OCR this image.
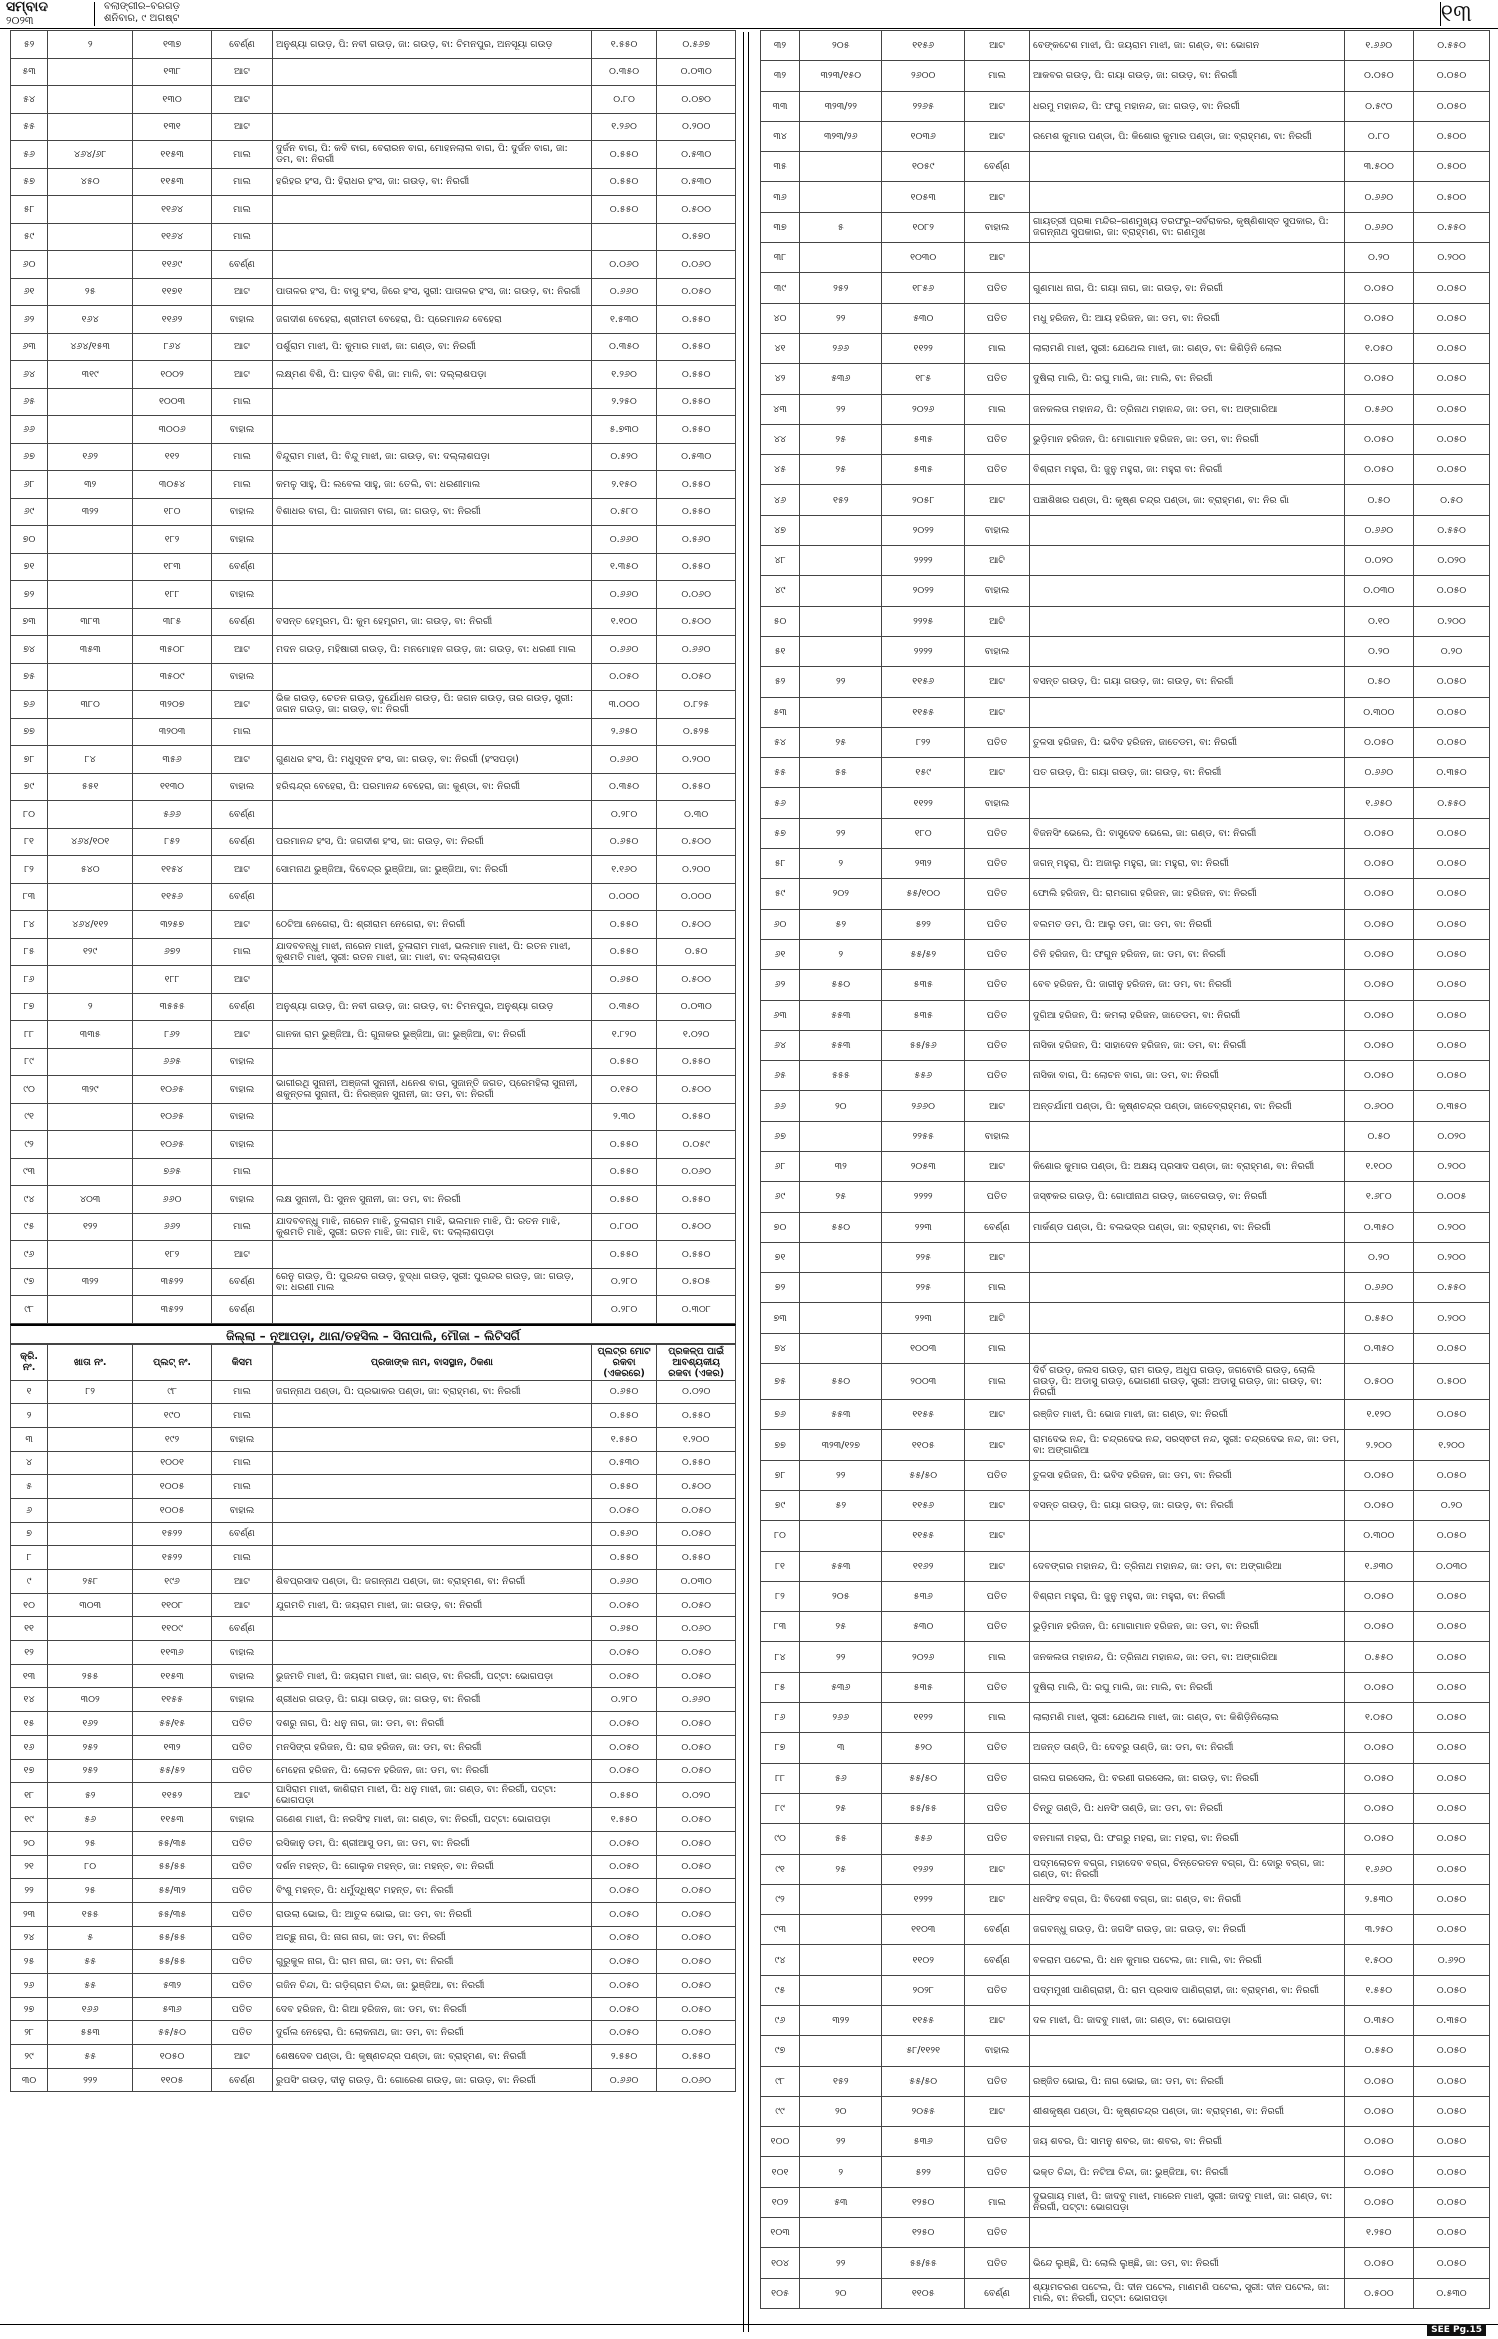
ସମ୍ବାଦ
୨୦୨୩
ବଲାଙ୍ଗୀର–ବରଗଡ଼
ଶନିବାର, ୯ ଅଗଷ୍ଟ	୧୩
୫୨	୨	୧୩୭	ବେର୍ଣ୍ଣ	ଅନୁଶ୍ୟା ଗଉଡ଼, ପି: ନବୀ ଗଉଡ଼, ଜା: ଗଉଡ଼, ବା: ଚିମନପୁର, ଅନସୂୟା ଗଉଡ଼	୧.୫୫୦	୦.୫୬୭
୫୩		୧୩୮	ଆଟ		୦.୩୫୦	୦.୦୩୦
୫୪		୧୩୦	ଆଟ		୦.୮୦	୦.୦୭୦
୫୫		୧୩୧	ଆଟ		୧.୨୬୦	୦.୨୦୦
୫୬	୪୬୪/୬୮	୧୧୫୩	ମାଲ	ଦୁର୍ଜନ ବାଗ, ପି: କବି ବାଗ, ବେରାରନ ବାଗ, ମୋହନଲାଲ ବାଗ, ପି: ଦୁର୍ଜନ ବାଗ, ଜା: ଡମ, ବା: ନିରର୍ଗୀ	୦.୫୫୦	୦.୫୩୦
୫୭	୪୫୦	୧୧୫୩	ମାଲ	ହରିହର ହଂସ, ପି: ହିରାଧର ହଂସ, ଜା: ଗଉଡ଼, ବା: ନିରର୍ଗୀ	୦.୫୫୦	୦.୫୩୦
୫୮		୧୧୬୪	ମାଲ		୦.୫୫୦	୦.୫୦୦
୫୯		୧୧୬୪	ମାଲ			୦.୫୭୦
୬୦		୧୧୬୯	ବେର୍ଣ୍ଣ		୦.୦୬୦	୦.୦୬୦
୬୧	୨୫	୧୧୭୧	ଆଟ	ପାତାଳର ହଂସ, ପି: ବାସୁ ହଂସ, ଜିରେ ହଂସ, ସ୍ତ୍ରୀ: ପାତାଳର ହଂସ, ଜା: ଗଉଡ଼, ବା: ନିରର୍ଗୀ	୦.୬୬୦	୦.୦୫୦
୬୨	୧୬୪	୧୧୬୨	ବାହାଲ	ଜଗଦୀଶ ବେହେରା, ଶ୍ରୀମତୀ ବେହେରା, ପି: ପ୍ରେମାନନ୍ଦ ବେହେରା	୧.୫୩୦	୦.୫୫୦
୬୩	୪୬୪/୧୫୩	୮୬୪	ଆଟ	ପର୍ଶୁରାମ ମାଝୀ, ପି: କୁମାର ମାଝୀ, ଜା: ଗଣ୍ଡ, ବା: ନିରର୍ଗୀ	୦.୩୫୦	୦.୫୫୦
୬୪	୩୧୯	୧୦୦୨	ଆଟ	ଲକ୍ଷ୍ମଣ ବିଶି, ପି: ଘାଡ଼ବ ବିଶି, ଜା: ମାଳି, ବା: ଦଲ୍ଲାଶପଡ଼ା	୧.୨୬୦	୦.୫୫୦
୬୫		୧୦୦୩	ମାଲ		୨.୨୫୦	୦.୫୫୦
୬୬		୩୦୦୬	ବାହାଲ		୫.୭୩୦	୦.୫୫୦
୬୭	୧୬୨	୧୧୨	ମାଲ	ବିନ୍ଦୁରାମ ମାଝୀ, ପି: ବିନ୍ଦୁ ମାଝୀ, ଜା: ଗଉଡ଼, ବା: ଦଲ୍ଲାଶପଡ଼ା	୦.୫୨୦	୦.୫୩୦
୬୮	୩୨	୩୦୫୪	ମାଲ	କମଳୁ ସାହୁ, ପି: ଲବେଲ ସାହୁ, ଜା: ତେଲି, ବା: ଧରଣୀମାଲ	୨.୧୫୦	୦.୫୫୦
୬୯	୩୨୨	୧୮୦	ବାହାଲ	ବିଶାଧର ବାଗ, ପି: ଗାଜନାମ ବାଗ, ଜା: ଗଉଡ଼, ବା: ନିରର୍ଗୀ	୦.୫୮୦	୦.୫୫୦
୭୦		୧୮୨	ବାହାଲ		୦.୬୬୦	୦.୫୬୦
୭୧		୧୮୩	ବେର୍ଣ୍ଣ		୧.୩୫୦	୦.୫୫୦
୭୨		୧୮୮	ବାହାଲ		୦.୬୬୦	୦.୦୬୦
୭୩	୩୮୩	୩୮୫	ବେର୍ଣ୍ଣ	ବସନ୍ତ ହେମ୍ବ୍ରମ, ପି: କୁମ ହେମ୍ବ୍ରମ, ଜା: ଗଉଡ଼, ବା: ନିରର୍ଗୀ	୧.୧୦୦	୦.୫୦୦
୭୪	୩୫୩	୩୫୦୮	ଆଟ	ମଦନ ଗଉଡ଼, ମହିଷାରୀ ଗଉଡ଼, ପି: ମନମୋହନ ଗଉଡ଼, ଜା: ଗଉଡ଼, ବା: ଧରଣୀ ମାଲ	୦.୬୬୦	୦.୬୬୦
୭୫		୩୫୦୯	ବାହାଲ		୦.୦୫୦	୦.୦୫୦
୭୬	୩୮୦	୩୨୦୭	ଆଟ	ଭିକ ଗଉଡ଼, ଚେତନ ଗଉଡ଼, ଦୁର୍ଯୋଧନ ଗଉଡ଼, ପି: ଜଗନ ଗଉଡ଼, ତାର ଗଉଡ଼, ସ୍ତ୍ରୀ: ଜଗନ ଗଉଡ଼, ଜା: ଗଉଡ଼, ବା: ନିରର୍ଗୀ	୩.୦୦୦	୦.୮୨୫
୭୭		୩୨୦୩	ମାଲ		୨.୬୫୦	୦.୫୨୫
୭୮	୮୪	୩୫୬	ଆଟ	ଗୁଣଧର ହଂସ, ପି: ମଧୁସୂଦନ ହଂସ, ଜା: ଗଉଡ଼, ବା: ନିରର୍ଗୀ (ହଂସପଡ଼ା)	୦.୬୬୦	୦.୨୦୦
୭୯	୫୫୧	୧୧୩୦	ବାହାଲ	ହରିଶ୍ଚନ୍ଦ୍ର ବେହେରା, ପି: ପରମାନନ୍ଦ ବେହେରା, ଜା: କୁଣ୍ଡା, ବା: ନିରର୍ଗୀ	୦.୩୫୦	୦.୫୫୦
୮୦		୫୬୬	ବେର୍ଣ୍ଣ		୦.୨୮୦	୦.୩୦
୮୧	୪୬୪/୧୦୧	୮୫୨	ବେର୍ଣ୍ଣ	ପରମାନନ୍ଦ ହଂସ, ପି: ଜଗଦୀଶ ହଂସ, ଜା: ଗଉଡ଼, ବା: ନିରର୍ଗୀ	୦.୬୫୦	୦.୫୦୦
୮୨	୫୪୦	୧୧୫୪	ଆଟ	ସୋମନାଥ ଭୁଞ୍ଜିଆ, ଦିବେନ୍ଦ୍ର ଭୁଞ୍ଜିଆ, ଜା: ଭୁଞ୍ଜିଆ, ବା: ନିରର୍ଗୀ	୧.୧୬୦	୦.୨୦୦
୮୩		୧୧୫୬	ବେର୍ଣ୍ଣ		୦.୦୦୦	୦.୦୦୦
୮୪	୪୬୪/୧୧୨	୩୨୫୭	ଆଟ	ଠେଟିଆ ନେଗେରା, ପି: ଶ୍ରୀରାମ ନେଗେରା, ବା: ନିରର୍ଗୀ	୦.୫୫୦	୦.୫୦୦
୮୫	୧୨୯	୬୭୨	ମାଲ	ଯାଦବବନ୍ଧୁ ମାଝୀ, ନାରେନ ମାଝୀ, ତୁଳାରାମ ମାଝୀ, ଭଲମାନ ମାଝୀ, ପି: ରତନ ମାଝୀ, କୁଶମତି ମାଝୀ, ସ୍ତ୍ରୀ: ରତନ ମାଝୀ, ଜା: ମାଝୀ, ବା: ଦଲ୍ଲାଶପଡ଼ା	୦.୫୫୦	୦.୫୦
୮୬		୧୮୮	ଆଟ		୦.୬୫୦	୦.୫୦୦
୮୭	୨	୩୫୫୫	ବେର୍ଣ୍ଣ	ଅନୁଶ୍ୟା ଗଉଡ଼, ପି: ନବୀ ଗଉଡ଼, ଜା: ଗଉଡ଼, ବା: ଚିମନପୁର, ଅନୁଶ୍ୟା ଗଉଡ଼	୦.୩୫୦	୦.୦୩୦
୮୮	୩୩୫	୮୬୨	ଆଟ	ଗାନକା ରାମ ଭୁଞ୍ଜିଆ, ପି: ଗୁନାକର ଭୁଞ୍ଜିଆ, ଜା: ଭୁଞ୍ଜିଆ, ବା: ନିରର୍ଗୀ	୧.୮୨୦	୧.୦୨୦
୮୯		୬୬୫	ବାହାଲ		୦.୫୫୦	୦.୫୫୦
୯୦	୩୨୯	୧୦୬୫	ବାହାଲ	ଭାଗୀରଥି ସୁନାନୀ, ଅଞ୍ଜଳୀ ସୁନାନୀ, ଧନେଶ ବାଗ, ସୁଜାନ୍ତି ଜଗତ, ପ୍ରେମହିଲା ସୁନାନୀ, ଶକୁନ୍ତଳା ସୁନାନୀ, ପି: ନିରଞ୍ଜନ ସୁନାନୀ, ଜା: ଡମ, ବା: ନିରର୍ଗୀ	୦.୧୫୦	୦.୫୦୦
୯୧		୧୦୬୫	ବାହାଲ		୨.୩୦	୦.୫୫୦
୯୨		୧୦୬୫	ବାହାଲ		୦.୫୫୦	୦.୦୫୯
୯୩		୭୬୫	ମାଲ		୦.୫୫୦	୦.୦୬୦
୯୪	୪୦୩	୬୬୦	ବାହାଲ	ଲକ୍ଷ ସୁନାନୀ, ପି: ସୁନନ ସୁନାନୀ, ଜା: ଡମ, ବା: ନିରର୍ଗୀ	୦.୫୫୦	୦.୫୫୦
୯୫	୧୨୨	୬୬୨	ମାଲ	ଯାଦବବନ୍ଧୁ ମାଝି, ନାରେନ ମାଝି, ତୁଳାରାମ ମାଝି, ଭଲମାନ ମାଝି, ପି: ରତନ ମାଝି, କୁଶମତି ମାଝି, ସ୍ତ୍ରୀ: ରତନ ମାଝି, ଜା: ମାଝି, ବା: ଦଲ୍ଲାଶପଡ଼ା	୦.୮୦୦	୦.୫୦୦
୯୬		୧୮୨	ଆଟ		୦.୫୫୦	୦.୫୫୦
୯୭	୩୨୨	୩୫୨୨	ବେର୍ଣ୍ଣ	ରେନୁ ଗଉଡ଼, ପି: ପୁରନ୍ଦର ଗଉଡ଼, ବୁଦ୍ଧା ଗଉଡ଼, ସ୍ତ୍ରୀ: ପୁରନ୍ଦର ଗଉଡ଼, ଜା: ଗଉଡ଼, ବା: ଧରଣୀ ମାଲ	୦.୨୮୦	୦.୫୦୫
୯୮		୩୫୨୨	ବେର୍ଣ୍ଣ		୦.୨୮୦	୦.୩୦୮
ଜିଲ୍ଲା – ନୂଆପଡ଼ା, ଥାନା/ତହସିଲ – ସିନାପାଲି, ମୌଜା – ଲିଟିସର୍ଗି
କ୍ରି. ନଂ.	ଖାତା ନଂ.	ପ୍ଲଟ୍ ନଂ.	କିସମ	ପ୍ରଜାଙ୍କ ନାମ, ବାସସ୍ଥାନ, ଠିକଣା	ପ୍ଲଟ୍‌ର ମୋଟ ରକବା (ଏକରରେ)	ପ୍ରକଳ୍ପ ପାଇଁ ଆବଶ୍ୟକୀୟ ରକବା (ଏକର)
୧	୮୨	୯୮	ମାଲ	ଜଗନ୍ନାଥ ପଣ୍ଡା, ପି: ପ୍ରଭାକର ପଣ୍ଡା, ଜା: ବ୍ରାହ୍ମଣ, ବା: ନିରର୍ଗୀ	୦.୬୫୦	୦.୦୨୦
୨		୧୯୦	ମାଲ		୦.୫୫୦	୦.୫୫୦
୩		୧୯୨	ବାହାଲ		୧.୫୫୦	୧.୨୦୦
୪		୧୦୦୧	ମାଲ		୦.୫୩୦	୦.୫୫୦
୫		୧୦୦୫	ମାଲ		୦.୫୫୦	୦.୫୦୦
୬		୧୦୦୫	ବାହାଲ		୦.୦୫୦	୦.୦୫୦
୭		୧୫୨୨	ବେର୍ଣ୍ଣ		୦.୫୬୦	୦.୦୫୦
୮		୧୫୨୨	ମାଲ		୦.୫୫୦	୦.୫୫୦
୯	୨୫୮	୧୯୬	ଆଟ	ଶିବପ୍ରସାଦ ପଣ୍ଡା, ପି: ଜଗନ୍ନାଥ ପଣ୍ଡା, ଜା: ବ୍ରାହ୍ମଣ, ବା: ନିରର୍ଗୀ	୦.୬୬୦	୦.୦୩୦
୧୦	୩୦୩	୧୧୦୮	ଆଟ	ଯୁଗମତି ମାଝୀ, ପି: ଜୟରାମ ମାଝୀ, ଜା: ଗଉଡ଼, ବା: ନିରର୍ଗୀ	୦.୦୫୦	୦.୦୫୦
୧୧		୧୧୦୯	ବେର୍ଣ୍ଣ		୦.୬୫୦	୦.୦୬୦
୧୨		୧୧୩୬	ବାହାଲ		୦.୦୫୦	୦.୦୫୦
୧୩	୨୫୫	୧୧୫୩	ବାହାଲ	ଭୁଜମତି ମାଝୀ, ପି: ଜୟରାମ ମାଝୀ, ଜା: ଗଣ୍ଡ, ବା: ନିରର୍ଗୀ, ପଟ୍ଟା: ଭୋଗପଡ଼ା	୦.୦୫୦	୦.୦୫୦
୧୪	୩୦୨	୧୧୫୫	ବାହାଲ	ଶ୍ରୀଧର ଗଉଡ଼, ପି: ଗୟା ଗଉଡ଼, ଜା: ଗଉଡ଼, ବା: ନିରର୍ଗୀ	୦.୨୮୦	୦.୬୬୦
୧୫	୧୬୨	୫୫/୧୫	ପତିତ	ଦଶରୁ ନାଗ, ପି: ଧନୁ ନାଗ, ଜା: ଡମ, ବା: ନିରର୍ଗୀ	୦.୦୫୦	୦.୦୫୦
୧୬	୨୫୨	୧୩୨	ପତିତ	ମନସିଙ୍ଗ ହରିଜନ, ପି: ରାଜ ହରିଜନ, ଜା: ଡମ, ବା: ନିରର୍ଗୀ	୦.୦୫୦	୦.୦୫୦
୧୭	୨୫୨	୫୫/୫୨	ପତିତ	ମେହେନା ହରିଜନ, ପି: ଲୋଚନ ହରିଜନ, ଜା: ଡମ, ବା: ନିରର୍ଗୀ	୦.୦୫୦	୦.୦୫୦
୧୮	୫୨	୧୧୫୨	ଆଟ	ଘାସିରାମ ମାଝୀ, କାଶିରାମ ମାଝୀ, ପି: ଧନୁ ମାଝୀ, ଜା: ଗଣ୍ଡ, ବା: ନିରର୍ଗୀ, ପଟ୍ଟା: ଭୋଗପଡ଼ା	୦.୫୫୦	୦.୦୨୦
୧୯	୫୬	୧୧୫୩	ବାହାଲ	ଗଣେଶ ମାଝୀ, ପି: ନରସିଂହ ମାଝୀ, ଜା: ଗଣ୍ଡ, ବା: ନିରର୍ଗୀ, ପଟ୍ଟା: ଭୋଗପଡ଼ା	୧.୫୫୦	୦.୦୫୦
୨୦	୨୫	୫୫/୩୫	ପତିତ	ରସିକାନୁ ଡମ, ପି: ଶ୍ରୀଆସୁ ଡମ, ଜା: ଡମ, ବା: ନିରର୍ଗୀ	୦.୦୫୦	୦.୦୫୦
୨୧	୮୦	୫୫/୫୫	ପତିତ	ଦର୍ଶନ ମହନ୍ତ, ପି: ଗୋଲୁକ ମହନ୍ତ, ଜା: ମହନ୍ତ, ବା: ନିରର୍ଗୀ	୦.୦୫୦	୦.୦୫୦
୨୨	୨୫	୫୫/୩୨	ପତିତ	ବିଂଶୁ ମହନ୍ତ, ପି: ଧର୍ମୁଦ୍ଧିଷ୍ଟ ମହନ୍ତ, ବା: ନିରର୍ଗୀ	୦.୦୫୦	୦.୦୫୦
୨୩	୧୫୫	୫୫/୩୫	ପତିତ	ରାଉଲା ଭୋଇ, ପି: ଆତୁଳ ଭୋଇ, ଜା: ଡମ, ବା: ନିରର୍ଗୀ	୦.୦୫୦	୦.୦୫୦
୨୪	୫	୫୫/୫୫	ପତିତ	ଅଚ୍ଛୁ ନାଗ, ପି: ନାଗ ନାଗ, ଜା: ଡମ, ବା: ନିରର୍ଗୀ	୦.୦୫୦	୦.୦୫୦
୨୫	୫୫	୫୫/୫୫	ପତିତ	ଗୁରୁକୁଳ ନାଗ, ପି: ରାମ ନାଗ, ଜା: ଡମ, ବା: ନିରର୍ଗୀ	୦.୦୫୦	୦.୦୫୦
୨୬	୫୫	୫୩୨	ପତିତ	ଗଜିନ ଚିନ୍ଦା, ପି: ଗଡ଼ିଗ୍ରାମ ଚିନ୍ଦା, ଜା: ଭୁଞ୍ଜିଆ, ବା: ନିରର୍ଗୀ	୦.୦୫୦	୦.୦୫୦
୨୭	୧୬୬	୫୩୬	ପତିତ	ଦେବ ହରିଜନ, ପି: ଗିଆ ହରିଜନ, ଜା: ଡମ, ବା: ନିରର୍ଗୀ	୦.୦୫୦	୦.୦୫୦
୨୮	୫୫୩	୫୫/୫୦	ପତିତ	ଦୁର୍ଗଲ ନେହେରା, ପି: ଲୋକନାଥ, ଜା: ଡମ, ବା: ନିରର୍ଗୀ	୦.୦୫୦	୦.୦୫୦
୨୯	୫୫	୧୦୫୦	ଆଟ	ଶେଷଦେବ ପଣ୍ଡା, ପି: କୃଷ୍ଣଚନ୍ଦ୍ର ପଣ୍ଡା, ଜା: ବ୍ରାହ୍ମଣ, ବା: ନିରର୍ଗୀ	୨.୫୫୦	୦.୫୫୦
୩୦	୨୨୨	୧୧୦୫	ବେର୍ଣ୍ଣ	ରୁପସିଂ ଗଉଡ଼, ଦୀନୁ ଗଉଡ଼, ପି: ଗୋରେଶ ଗଉଡ଼, ଜା: ଗଉଡ଼, ବା: ନିରର୍ଗୀ	୦.୬୬୦	୦.୦୬୦
୩୨	୨୦୫	୧୧୫୬	ଆଟ	ବେଙ୍କଟେଶ ମାଝୀ, ପି: ଜୟରାମ ମାଝୀ, ଜା: ଗଣ୍ଡ, ବା: ଭୋଗନ	୧.୬୬୦	୦.୫୫୦
୩୨	୩୨୩/୧୫୦	୨୬୦୦	ମାଲ	ଆକବର ଗଉଡ଼, ପି: ଗୟା ଗଉଡ଼, ଜା: ଗଉଡ଼, ବା: ନିରର୍ଗୀ	୦.୦୫୦	୦.୦୫୦
୩୩	୩୨୩/୨୨	୨୨୬୫	ଆଟ	ଧରମୁ ମହାନନ୍ଦ, ପି: ଫଗୁ ମହାନନ୍ଦ, ଜା: ଗଉଡ଼, ବା: ନିରର୍ଗୀ	୦.୫୯୦	୦.୦୫୦
୩୪	୩୨୩/୨୬	୧୦୩୬	ଆଟ	ରମେଶ କୁମାର ପଣ୍ଡା, ପି: କିଶୋର କୁମାର ପଣ୍ଡା, ଜା: ବ୍ରାହ୍ମଣ, ବା: ନିରର୍ଗୀ	୦.୮୦	୦.୫୦୦
୩୫		୧୦୫୯	ବେର୍ଣ୍ଣ		୩.୫୦୦	୦.୫୦୦
୩୬		୧୦୫୩	ଆଟ		୦.୬୬୦	୦.୫୦୦
୩୭	୫	୧୦୮୨	ବାହାଲ	ଗାୟତ୍ରୀ ପ୍ରଜ୍ଞା ମନ୍ଦିର–ଗଣମୁଖ୍ୟ ତରଫରୁ–ସର୍ବରାକର, କୃଷ୍ଣିଶାସ୍ତ ସୁପକାର, ପି: ଜଗନ୍ନାଥ ସୁପକାର, ଜା: ବ୍ରାହ୍ମଣ, ବା: ଗଣମୁଖ	୦.୬୬୦	୦.୫୫୦
୩୮		୧୦୩୦	ଆଟ		୦.୨୦	୦.୨୦୦
୩୯	୨୫୨	୧୮୫୬	ପତିତ	ଗୁଣମାଧ ନାଗ, ପି: ଗୟା ନାଗ, ଜା: ଗଉଡ଼, ବା: ନିରର୍ଗୀ	୦.୦୫୦	୦.୦୫୦
୪୦	୨୨	୫୩୦	ପତିତ	ମଧୁ ହରିଜନ, ପି: ଆୟ ହରିଜନ, ଜା: ଡମ, ବା: ନିରର୍ଗୀ	୦.୦୫୦	୦.୦୫୦
୪୧	୨୬୬	୧୧୨୨	ମାଲ	ଲାଲାମଣି ମାଝୀ, ସ୍ତ୍ରୀ: ଯେଥେଲ ମାଝୀ, ଜା: ଗଣ୍ଡ, ବା: କିଶିଡ଼ିନି ଲୋଲ	୧.୦୫୦	୦.୦୫୦
୪୨	୫୩୬	୧୮୫	ପତିତ	ଦୁଷିଲା ମାଲି, ପି: ରଘୁ ମାଲି, ଜା: ମାଲି, ବା: ନିରର୍ଗୀ	୦.୦୫୦	୦.୦୫୦
୪୩	୨୨	୨୦୨୬	ମାଲ	ଜନକଲତା ମହାନନ୍ଦ, ପି: ତ୍ରିନାଥ ମହାନନ୍ଦ, ଜା: ଡମ, ବା: ଅଙ୍ଗାରିଆ	୦.୫୬୦	୦.୦୫୦
୪୪	୨୫	୫୩୫	ପତିତ	ଭୁଡ଼ିମାନ ହରିଜନ, ପି: ମୋଗାମାନ ହରିଜନ, ଜା: ଡମ, ବା: ନିରର୍ଗୀ	୦.୦୫୦	୦.୦୫୦
୪୫	୨୫	୫୩୫	ପତିତ	ବିଶ୍ରାମ ମହୁରା, ପି: ଜୁନୁ ମହୁରା, ଜା: ମହୁରା ବା: ନିରର୍ଗୀ	୦.୦୫୦	୦.୦୫୦
୪୬	୧୫୨	୨୦୫୮	ଆଟ	ପଞ୍ଚାଶିଖର ପଣ୍ଡା, ପି: କୃଷ୍ଣ ଚନ୍ଦ୍ର ପଣ୍ଡା, ଜା: ବ୍ରାହ୍ମଣ, ବା: ନିର ଗାଁ	୦.୫୦	୦.୫୦
୪୭		୨୦୨୨	ବାହାଲ		୦.୬୬୦	୦.୫୫୦
୪୮		୨୨୨୨	ଆଟି		୦.୦୨୦	୦.୦୨୦
୪୯		୨୦୨୨	ବାହାଲ		୦.୦୩୦	୦.୦୫୦
୫୦		୨୨୨୫	ଆଟି		୦.୧୦	୦.୨୦୦
୫୧		୨୨୨୨	ବାହାଲ		୦.୨୦	୦.୨୦
୫୨	୨୨	୧୧୫୬	ଆଟ	ବସନ୍ତ ଗଉଡ଼, ପି: ଗୟା ଗଉଡ଼, ଜା: ଗଉଡ଼, ବା: ନିରର୍ଗୀ	୦.୫୦	୦.୦୫୦
୫୩		୧୧୫୫	ଆଟ		୦.୩୦୦	୦.୦୫୦
୫୪	୨୫	୮୨୨	ପତିତ	ତୁଳସା ହରିଜନ, ପି: ଭବିଦ ହରିଜନ, ଜାତେଡମ, ବା: ନିରର୍ଗୀ	୦.୦୫୦	୦.୦୫୦
୫୫	୫୫	୧୫୯	ଆଟ	ପତ ଗଉଡ଼, ପି: ଗୟା ଗଉଡ଼, ଜା: ଗଉଡ଼, ବା: ନିରର୍ଗୀ	୦.୬୬୦	୦.୩୫୦
୫୬		୧୧୨୨	ବାହାଲ		୧.୬୫୦	୦.୫୫୦
୫୭	୨୨	୧୮୦	ପତିତ	ବିଜନସିଂ ଭେଲେ, ପି: ବାସୁଦେବ ଭେଲେ, ଜା: ଗଣ୍ଡ, ବା: ନିରର୍ଗୀ	୦.୦୫୦	୦.୦୫୦
୫୮	୨	୨୩୨	ପତିତ	ଜଗନ୍ ମହୁରା, ପି: ଅଜାଲୁ ମହୁରା, ଜା: ମହୁରା, ବା: ନିରର୍ଗୀ	୦.୦୫୦	୦.୦୫୦
୫୯	୨୦୨	୫୫/୧୦୦	ପତିତ	ଫୋଲି ହରିଜନ, ପି: ରାମଗାଗ ହରିଜନ, ଜା: ହରିଜନ, ବା: ନିରର୍ଗୀ	୦.୦୫୦	୦.୦୫୦
୬୦	୫୨	୫୨୨	ପତିତ	ବଲମତ ଡମ, ପି: ଆଲୁ ଡମ, ଜା: ଡମ, ବା: ନିରର୍ଗୀ	୦.୦୫୦	୦.୦୫୦
୬୧	୨	୫୫/୫୨	ପତିତ	ଚିନି ହରିଜନ, ପି: ଫଗୁନ ହରିଜନ, ଜା: ଡମ, ବା: ନିରର୍ଗୀ	୦.୦୫୦	୦.୦୫୦
୬୨	୫୫୦	୫୩୫	ପତିତ	ବେବ ହରିଜନ, ପି: ଜାରୀନୁ ହରିଜନ, ଜା: ଡମ, ବା: ନିରର୍ଗୀ	୦.୦୫୦	୦.୦୫୦
୬୩	୫୫୩	୫୩୫	ପତିତ	ଦୁଗିଆ ହରିଜନ, ପି: କମଲା ହରିଜନ, ଜାତେଡମ, ବା: ନିରର୍ଗୀ	୦.୦୫୦	୦.୦୫୦
୬୪	୫୫୩	୫୫/୫୬	ପତିତ	ନାସିକା ହରିଜନ, ପି: ସାହାଦେନ ହରିଜନ, ଜା: ଡମ, ବା: ନିରର୍ଗୀ	୦.୦୫୦	୦.୦୫୦
୬୫	୫୫୫	୫୫୬	ପତିତ	ନାସିକା ବାଗ, ପି: ଲୋଚନ ବାଗ, ଜା: ଡମ, ବା: ନିରର୍ଗୀ	୦.୦୫୦	୦.୦୫୦
୬୬	୨୦	୨୬୬୦	ଆଟ	ଅନ୍ତର୍ଯାମୀ ପଣ୍ଡା, ପି: କୃଷ୍ଣଚନ୍ଦ୍ର ପଣ୍ଡା, ଜାତେବ୍ରାହ୍ମଣ, ବା: ନିରର୍ଗୀ	୦.୬୦୦	୦.୩୫୦
୬୭		୨୨୫୫	ବାହାଲ		୦.୫୦	୦.୦୨୦
୬୮	୩୨	୨୦୫୩	ଆଟ	କିଶୋର କୁମାର ପଣ୍ଡା, ପି: ଅକ୍ଷୟ ପ୍ରସାଦ ପଣ୍ଡା, ଜା: ବ୍ରାହ୍ମଣ, ବା: ନିରର୍ଗୀ	୧.୧୦୦	୦.୨୦୦
୬୯	୨୫	୨୨୨୨	ପତିତ	ଜସ୍ଵକର ଗଉଡ଼, ପି: ଗୋପୀନାଥ ଗଉଡ଼, ଜାତେଗଉଡ଼, ବା: ନିରର୍ଗୀ	୧.୬୮୦	୦.୦୦୫
୭୦	୫୫୦	୨୨୩	ବେର୍ଣ୍ଣ	ମାର୍କଣ୍ଡ ପଣ୍ଡା, ପି: ବଲଭଦ୍ର ପଣ୍ଡା, ଜା: ବ୍ରାହ୍ମଣ, ବା: ନିରର୍ଗୀ	୦.୩୫୦	୦.୨୦୦
୭୧		୨୨୫	ଆଟ		୦.୨୦	୦.୨୦୦
୭୨		୨୨୫	ମାଲ		୦.୬୬୦	୦.୫୫୦
୭୩		୨୨୩	ଆଟି		୦.୫୫୦	୦.୨୦୦
୭୪		୧୦୦୩	ମାଲ		୦.୩୫୦	୦.୦୫୦
୭୫	୫୫୦	୨୦୦୩	ମାଲ	ଦିର୍ବ ଗଉଡ଼, ଜଲସ ଗଉଡ଼, ରାମ ଗଉଡ଼, ଅଧୁପ ଗଉଡ଼, ଜଗବୋରି ଗଉଡ଼, ଲୋଲି ଗଉଡ଼, ପି: ଅଡାସୁ ଗଉଡ଼, ଭୋଗଣୀ ଗଉଡ଼, ସ୍ତ୍ରୀ: ଅଡାସୁ ଗଉଡ଼, ଜା: ଗଉଡ଼, ବା: ନିରର୍ଗୀ	୦.୫୦୦	୦.୫୦୦
୭୬	୫୫୩	୧୧୫୫	ଆଟ	ରଞ୍ଜିତ ମାଝୀ, ପି: ଭୋଜ ମାଝୀ, ଜା: ଗଣ୍ଡ, ବା: ନିରର୍ଗୀ	୧.୧୨୦	୦.୦୫୦
୭୭	୩୨୩/୧୨୭	୧୧୦୫	ଆଟ	ରାମଦେଭ ନନ୍ଦ, ପି: ଚନ୍ଦ୍ରଦେଭ ନନ୍ଦ, ସରସ୍ଵତୀ ନନ୍ଦ, ସ୍ତ୍ରୀ: ଚନ୍ଦ୍ରଦେଭ ନନ୍ଦ, ଜା: ଡମ, ବା: ଅଙ୍ଗାରିଆ	୨.୨୦୦	୧.୨୦୦
୭୮	୨୨	୫୫/୫୦	ପତିତ	ତୁଳସା ହରିଜନ, ପି: ଭବିଦ ହରିଜନ, ଜା: ଡମ, ବା: ନିରର୍ଗୀ	୦.୦୫୦	୦.୦୫୦
୭୯	୫୨	୧୧୫୬	ଆଟ	ବସନ୍ତ ଗଉଡ଼, ପି: ଗୟା ଗଉଡ଼, ଜା: ଗଉଡ଼, ବା: ନିରର୍ଗୀ	୦.୦୫୦	୦.୨୦
୮୦		୧୧୫୫	ଆଟ		୦.୩୦୦	୦.୦୫୦
୮୧	୫୫୩	୧୧୬୨	ଆଟ	ଦେବଙ୍ଗର ମହାନନ୍ଦ, ପି: ତ୍ରିନାଥ ମହାନନ୍ଦ, ଜା: ଡମ, ବା: ଅଙ୍ଗାରିଆ	୧.୬୩୦	୦.୦୩୦
୮୨	୨୦୫	୫୩୬	ପତିତ	ବିଶ୍ରାମ ମହୁରା, ପି: ଜୁନୁ ମହୁରା, ଜା: ମହୁରା, ବା: ନିରର୍ଗୀ	୦.୦୫୦	୦.୦୫୦
୮୩	୨୫	୫୩୦	ପତିତ	ଭୁଡ଼ିମାନ ହରିଜନ, ପି: ମୋଗାମାନ ହରିଜନ, ଜା: ଡମ, ବା: ନିରର୍ଗୀ	୦.୦୫୦	୦.୦୫୦
୮୪	୨୨	୨୦୨୬	ମାଲ	ଜନକଲତା ମହାନନ୍ଦ, ପି: ତ୍ରିନାଥ ମହାନନ୍ଦ, ଜା: ଡମ, ବା: ଅଙ୍ଗାରିଆ	୦.୫୫୦	୦.୦୫୦
୮୫	୫୩୬	୫୩୫	ପତିତ	ଦୁଷିଲା ମାଲି, ପି: ରଘୁ ମାଲି, ଜା: ମାଲି, ବା: ନିରର୍ଗୀ	୦.୦୫୦	୦.୦୫୦
୮୬	୨୬୬	୧୧୨୨	ମାଲ	ଲାଲାମଣି ମାଝୀ, ସ୍ତ୍ରୀ: ଯେଥେଲ ମାଝୀ, ଜା: ଗଣ୍ଡ, ବା: କିଶିଡ଼ିନିଲୋଲ	୧.୦୫୦	୦.୦୫୦
୮୭	୩	୫୨୦	ପତିତ	ଅଜନ୍ତ ତାଣ୍ଡି, ପି: ଦେବରୁ ତାଣ୍ଡି, ଜା: ଡମ, ବା: ନିରର୍ଗୀ	୦.୦୫୦	୦.୦୫୦
୮୮	୫୬	୫୫/୫୦	ପତିତ	ଗଲପ ଗରସେଲ, ପି: ବରଣୀ ଗରସେଲ, ଜା: ଗଉଡ଼, ବା: ନିରର୍ଗୀ	୦.୦୫୦	୦.୦୫୦
୮୯	୨୫	୫୫/୫୫	ପତିତ	ଚିନ୍ତୁ ତାଣ୍ଡି, ପି: ଧନସିଂ ତାଣ୍ଡି, ଜା: ଡମ, ବା: ନିରର୍ଗୀ	୦.୦୫୦	୦.୦୫୦
୯୦	୫୫	୫୫୬	ପତିତ	ବନମାଳୀ ମହରା, ପି: ଫଗରୁ ମହରା, ଜା: ମହରା, ବା: ନିରର୍ଗୀ	୦.୦୫୦	୦.୦୫୦
୯୧	୨୫	୧୨୬୨	ଆଟ	ପଦ୍ମଲୋଚନ ବଗ୍ଗ, ମହାଦେବ ବଗ୍ଗ, ଚିନ୍ତେରତନ ବଗ୍ଗ, ପି: ଦୋରୁ ବଗ୍ଗ, ଜା: ଗଣ୍ଡ, ବା: ନିରର୍ଗୀ	୧.୬୬୦	୦.୦୫୦
୯୨		୧୨୨୨	ଆଟ	ଧନସିଂହ ବଗ୍ଗ, ପି: ବିଦେଶୀ ବଗ୍ଗ, ଜା: ଗଣ୍ଡ, ବା: ନିରର୍ଗୀ	୨.୫୩୦	୦.୦୫୦
୯୩		୧୧୦୩	ବେର୍ଣ୍ଣ	ଜଗବନ୍ଧୁ ଗଉଡ଼, ପି: ଜଗସିଂ ଗଉଡ଼, ଜା: ଗଉଡ଼, ବା: ନିରର୍ଗୀ	୩.୨୫୦	୦.୦୫୦
୯୪		୧୧୦୨	ବେର୍ଣ୍ଣ	ବଳରାମ ପଟେଲ, ପି: ଧନ କୁମାର ପଟେଲ, ଜା: ମାଲି, ବା: ନିରର୍ଗୀ	୧.୫୦୦	୦.୬୨୦
୯୫		୨୦୨୮	ପତିତ	ପଦ୍ମମୁଖୀ ପାଣିଗ୍ରାହୀ, ପି: ରାମ ପ୍ରସାଦ ପାଣିଗ୍ରାହୀ, ଜା: ବ୍ରାହ୍ମଣ, ବା: ନିରର୍ଗୀ	୧.୫୫୦	୦.୦୫୦
୯୬	୩୨୨	୧୧୫୫	ଆଟ	ଦଳ ମାଝୀ, ପି: ଜାଦବୁ ମାଝୀ, ଜା: ଗଣ୍ଡ, ବା: ଭୋଗପଡ଼ା	୦.୩୫୦	୦.୩୫୦
୯୭		୫୮/୧୧୨୧	ବାହାଲ		୦.୫୫୦	୦.୦୫୦
୯୮	୧୫୨	୫୫/୫୦	ପତିତ	ରଞ୍ଜିତ ଭୋଇ, ପି: ନାଗ ଭୋଇ, ଜା: ଡମ, ବା: ନିରର୍ଗୀ	୦.୦୫୦	୦.୦୫୦
୯୯	୨୦	୨୦୫୫	ଆଟ	ଶୀଶକୃଷ୍ଣ ପଣ୍ଡା, ପି: କୃଷ୍ଣଚନ୍ଦ୍ର ପଣ୍ଡା, ଜା: ବ୍ରାହ୍ମଣ, ବା: ନିରର୍ଗୀ	୦.୦୫୦	୦.୦୫୦
୧୦୦	୨୨	୫୩୬	ପତିତ	ଜୟ ଶବର, ପି: ସାମନୁ ଶବର, ଜା: ଶବର, ବା: ନିରର୍ଗୀ	୦.୦୫୦	୦.୦୫୦
୧୦୧	୨	୫୨୨	ପତିତ	ଭକ୍ତ ଚିନ୍ଦା, ପି: ନଟିଆ ଚିନ୍ଦା, ଜା: ଭୁଞ୍ଜିଆ, ବା: ନିରର୍ଗୀ	୦.୦୫୦	୦.୦୫୦
୧୦୨	୫୩	୧୨୫୦	ମାଲ	ଦୁଭଗାୟ ମାଝୀ, ପି: ଜାଦବୁ ମାଝୀ, ମାରେନ ମାଝୀ, ସ୍ତ୍ରୀ: ଜାଦବୁ ମାଝୀ, ଜା: ଗଣ୍ଡ, ବା: ନିରର୍ଗୀ, ପଟ୍ଟା: ଭୋଗପଡ଼ା	୦.୦୫୦	୦.୦୫୦
୧୦୩		୧୨୫୦	ପତିତ		୧.୨୫୦	୦.୦୫୦
୧୦୪	୨୨	୫୫/୫୫	ପତିତ	ଭିନ୍ଦେ ଲୁଞ୍ଛି, ପି: ଲୋଲି ଲୁଞ୍ଛି, ଜା: ଡମ, ବା: ନିରର୍ଗୀ	୦.୦୫୦	୦.୦୫୦
୧୦୫	୨୦	୧୧୦୫	ବେର୍ଣ୍ଣ	ଶ୍ୟାମଚରଣ ପଟେଲ, ପି: ଦୀନ ପଟେଲ, ମାଣମଣି ପଟେଲ, ସ୍ତ୍ରୀ: ଦୀନ ପଟେଲ, ଜା: ମାଲି, ବା: ନିରର୍ଗୀ, ପଟ୍ଟା: ଭୋଗପଡ଼ା	୦.୫୦୦	୦.୫୩୦
SEE Pg.15
